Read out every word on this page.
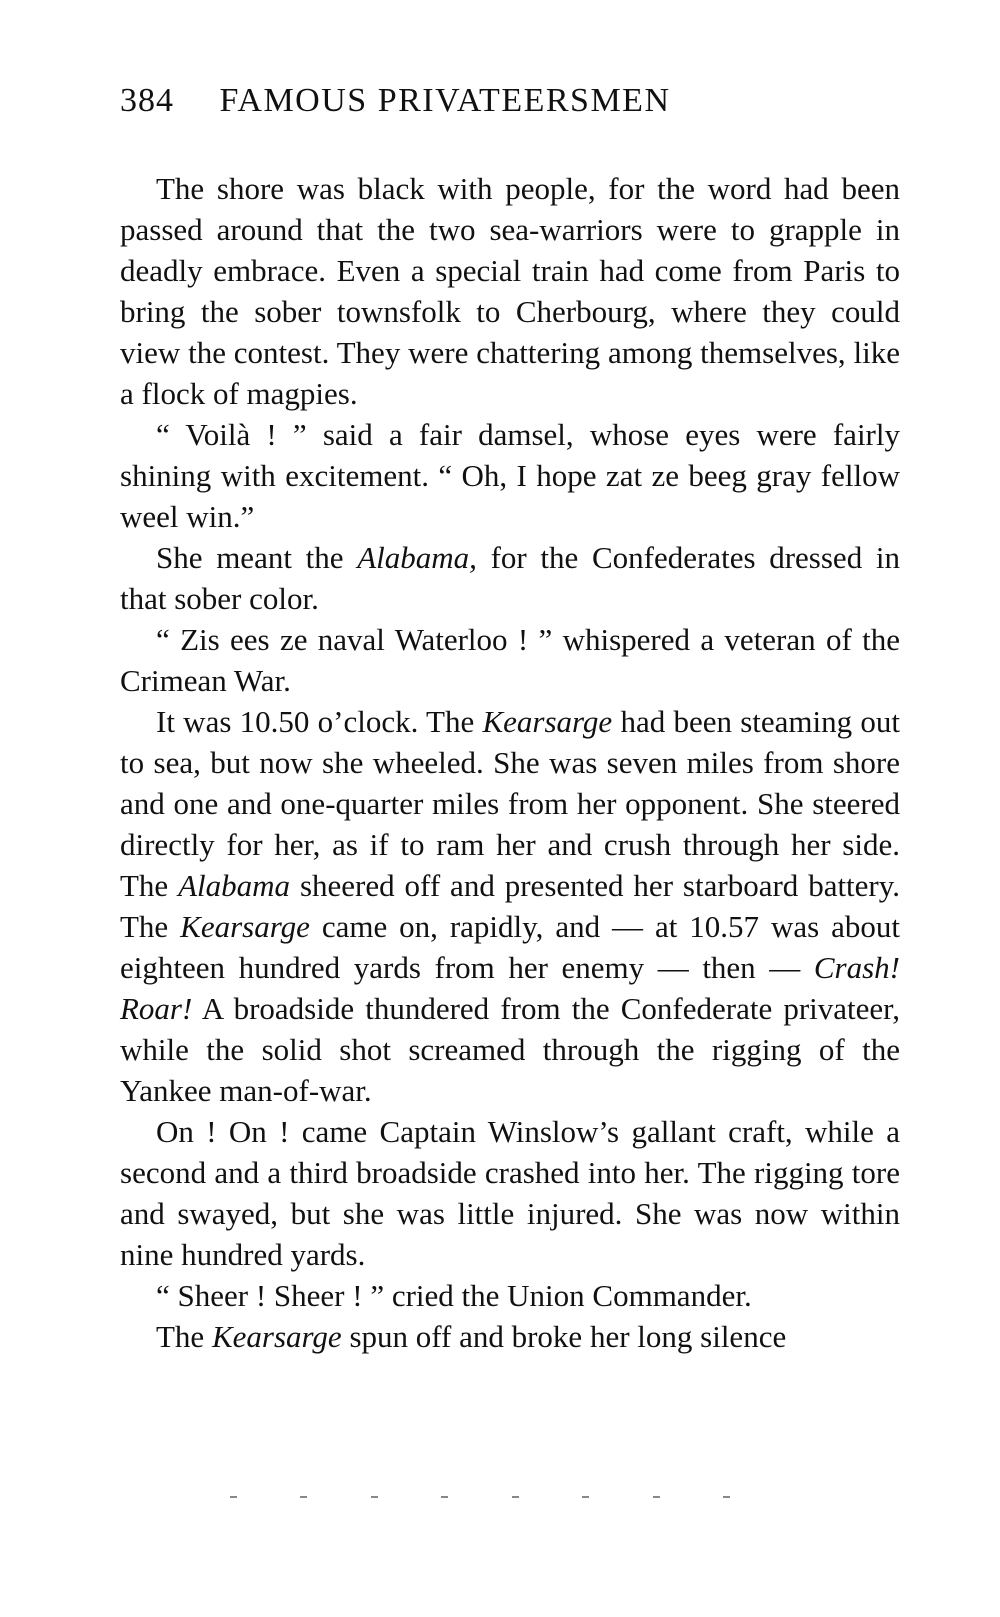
384 FAMOUS PRIVATEERSMEN

The shore was black with people, for the word had been passed around that the two sea-warriors were to grapple in deadly embrace. Even a special train had come from Paris to bring the sober townsfolk to Cherbourg, where they could view the contest. They were chattering among themselves, like a flock of magpies.

“ Voilà ! ” said a fair damsel, whose eyes were fairly shining with excitement. “ Oh, I hope zat ze beeg gray fellow weel win.”

She meant the Alabama, for the Confederates dressed in that sober color.

“ Zis ees ze naval Waterloo ! ” whispered a veteran of the Crimean War.

It was 10.50 o’clock. The Kearsarge had been steaming out to sea, but now she wheeled. She was seven miles from shore and one and one-quarter miles from her opponent. She steered directly for her, as if to ram her and crush through her side. The Alabama sheered off and presented her starboard battery. The Kearsarge came on, rapidly, and — at 10.57 was about eighteen hundred yards from her enemy — then — Crash! Roar! A broadside thundered from the Confederate privateer, while the solid shot screamed through the rigging of the Yankee man-of-war.

On ! On ! came Captain Winslow’s gallant craft, while a second and a third broadside crashed into her. The rigging tore and swayed, but she was little injured. She was now within nine hundred yards.

“ Sheer ! Sheer ! ” cried the Union Commander.

The Kearsarge spun off and broke her long silence
